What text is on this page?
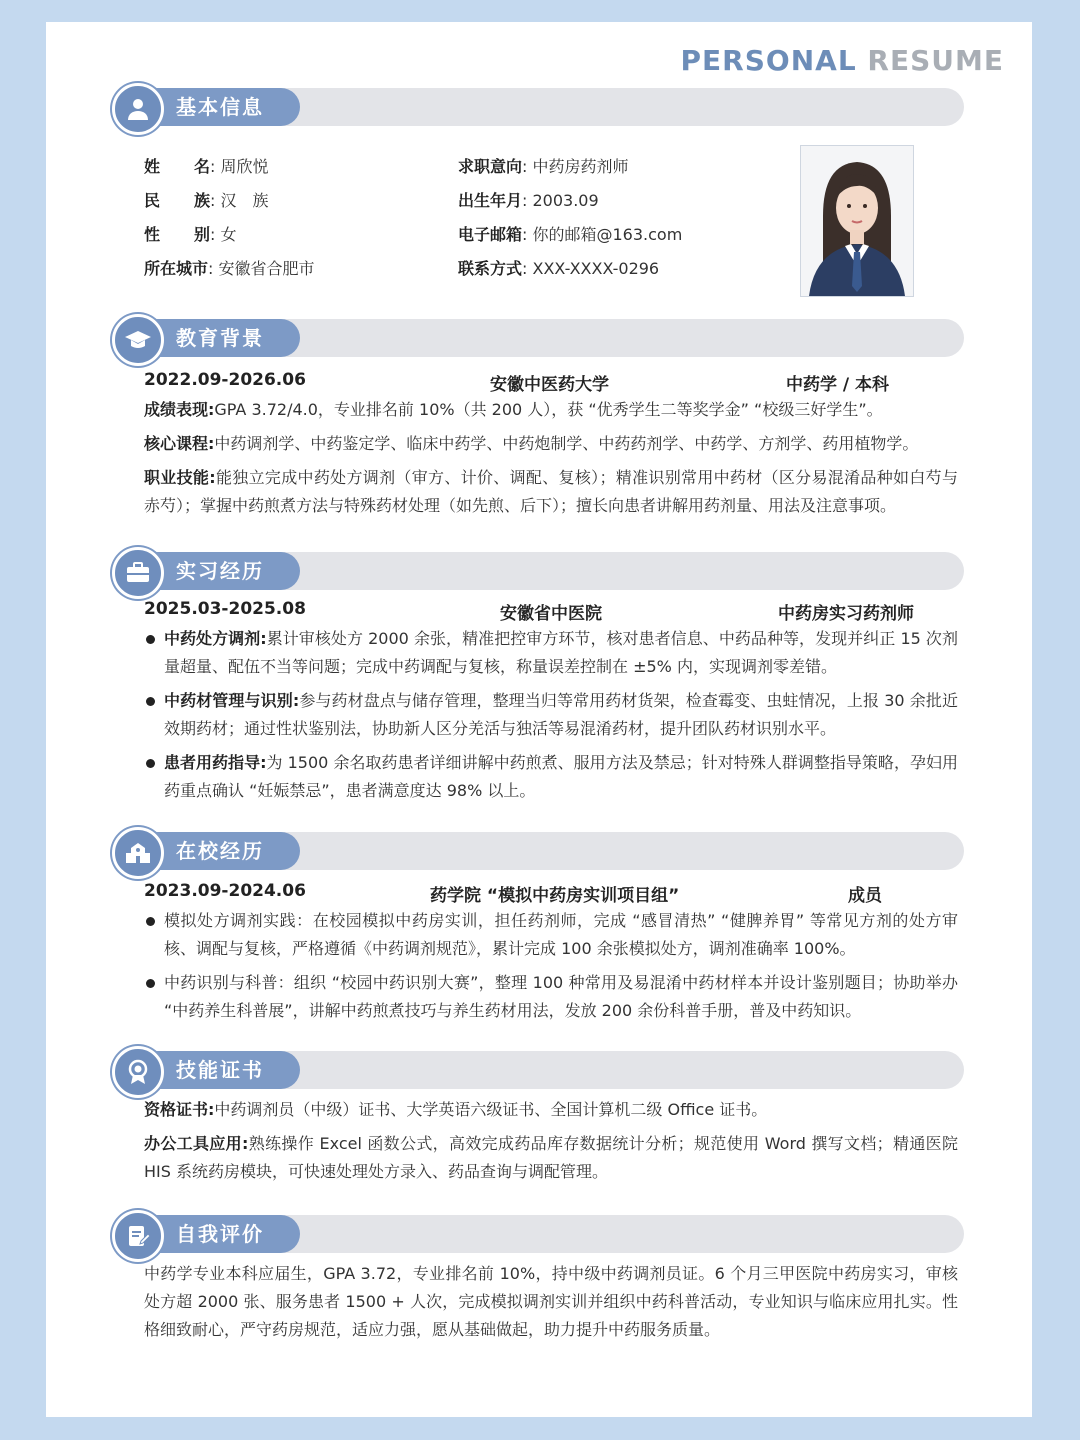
PERSONAL RESUME
基本信息
姓　名: 周欣悦
民　族: 汉　族
性　别: 女
所在城市: 安徽省合肥市
求职意向: 中药房药剂师
出生年月: 2003.09
电子邮箱: 你的邮箱@163.com
联系方式: XXX-XXXX-0296
教育背景
2022.09-2026.06	安徽中医药大学	中药学 / 本科
成绩表现:GPA 3.72/4.0，专业排名前 10%（共 200 人），获 “优秀学生二等奖学金” “校级三好学生”。
核心课程:中药调剂学、中药鉴定学、临床中药学、中药炮制学、中药药剂学、中药学、方剂学、药用植物学。
职业技能:能独立完成中药处方调剂（审方、计价、调配、复核）；精准识别常用中药材（区分易混淆品种如白芍与赤芍）；掌握中药煎煮方法与特殊药材处理（如先煎、后下）；擅长向患者讲解用药剂量、用法及注意事项。
实习经历
2025.03-2025.08	安徽省中医院	中药房实习药剂师
中药处方调剂:累计审核处方 2000 余张，精准把控审方环节，核对患者信息、中药品种等，发现并纠正 15 次剂量超量、配伍不当等问题；完成中药调配与复核，称量误差控制在 ±5% 内，实现调剂零差错。
中药材管理与识别:参与药材盘点与储存管理，整理当归等常用药材货架，检查霉变、虫蛀情况，上报 30 余批近效期药材；通过性状鉴别法，协助新人区分羌活与独活等易混淆药材，提升团队药材识别水平。
患者用药指导:为 1500 余名取药患者详细讲解中药煎煮、服用方法及禁忌；针对特殊人群调整指导策略，孕妇用药重点确认 “妊娠禁忌”，患者满意度达 98% 以上。
在校经历
2023.09-2024.06	药学院 “模拟中药房实训项目组”	成员
模拟处方调剂实践：在校园模拟中药房实训，担任药剂师，完成 “感冒清热” “健脾养胃” 等常见方剂的处方审核、调配与复核，严格遵循《中药调剂规范》，累计完成 100 余张模拟处方，调剂准确率 100%。
中药识别与科普：组织 “校园中药识别大赛”，整理 100 种常用及易混淆中药材样本并设计鉴别题目；协助举办 “中药养生科普展”，讲解中药煎煮技巧与养生药材用法，发放 200 余份科普手册，普及中药知识。
技能证书
资格证书:中药调剂员（中级）证书、大学英语六级证书、全国计算机二级 Office 证书。
办公工具应用:熟练操作 Excel 函数公式，高效完成药品库存数据统计分析；规范使用 Word 撰写文档；精通医院 HIS 系统药房模块，可快速处理处方录入、药品查询与调配管理。
自我评价
中药学专业本科应届生，GPA 3.72，专业排名前 10%，持中级中药调剂员证。6 个月三甲医院中药房实习，审核处方超 2000 张、服务患者 1500 + 人次，完成模拟调剂实训并组织中药科普活动，专业知识与临床应用扎实。性格细致耐心，严守药房规范，适应力强，愿从基础做起，助力提升中药服务质量。
